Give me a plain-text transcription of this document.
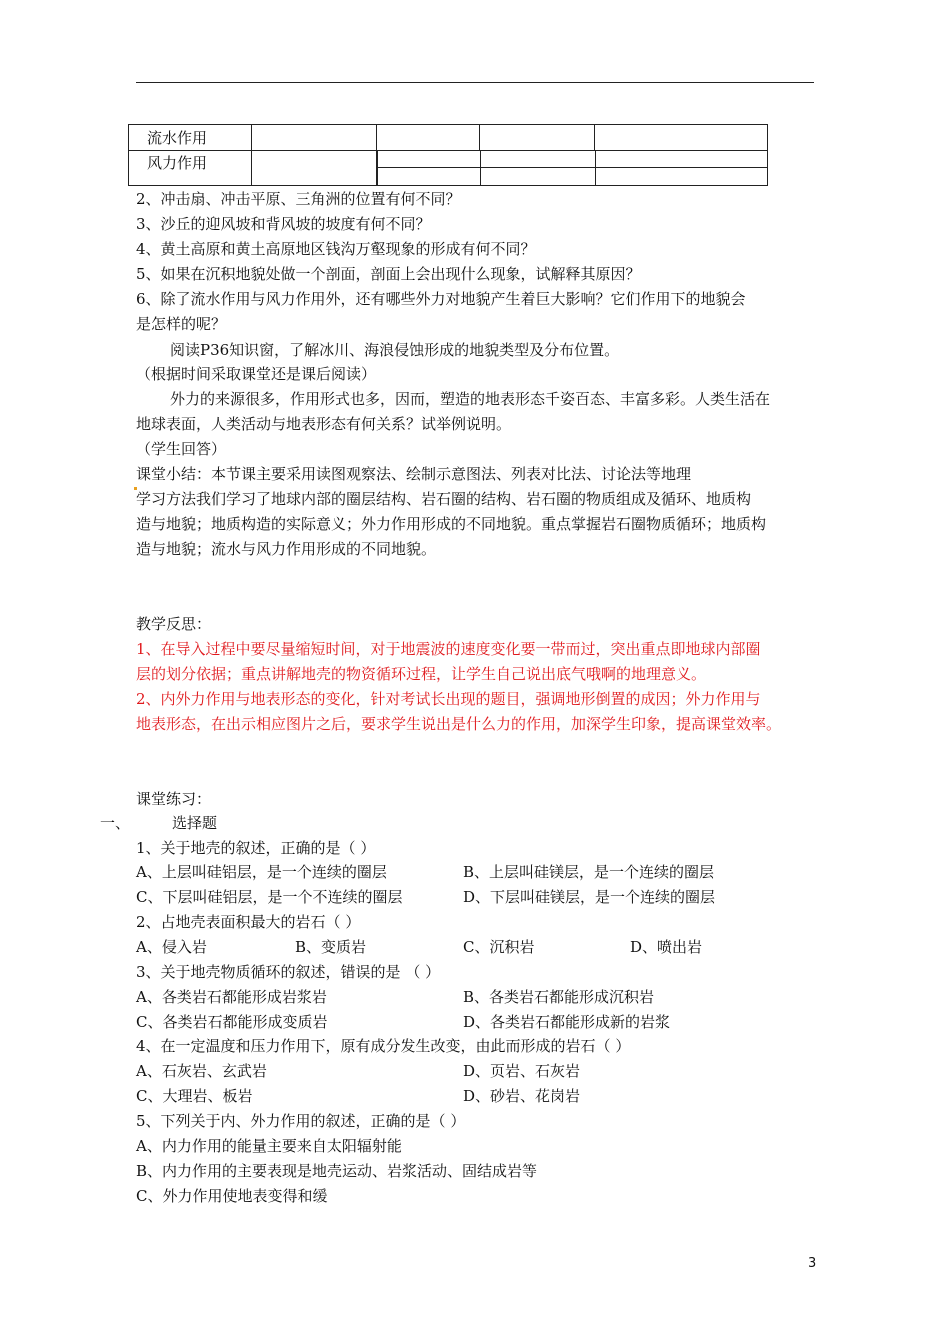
流水作用				
风力作用		

2、冲击扇、冲击平原、三角洲的位置有何不同？
3、沙丘的迎风坡和背风坡的坡度有何不同？
4、黄土高原和黄土高原地区钱沟万壑现象的形成有何不同？
5、如果在沉积地貌处做一个剖面，剖面上会出现什么现象，试解释其原因？
6、除了流水作用与风力作用外，还有哪些外力对地貌产生着巨大影响？它们作用下的地貌会
是怎样的呢？
阅读P36知识窗，了解冰川、海浪侵蚀形成的地貌类型及分布位置。
（根据时间采取课堂还是课后阅读）
外力的来源很多，作用形式也多，因而，塑造的地表形态千姿百态、丰富多彩。人类生活在
地球表面，人类活动与地表形态有何关系？试举例说明。
（学生回答）
课堂小结：本节课主要采用读图观察法、绘制示意图法、列表对比法、讨论法等地理
学习方法我们学习了地球内部的圈层结构、岩石圈的结构、岩石圈的物质组成及循环、地质构
造与地貌；地质构造的实际意义；外力作用形成的不同地貌。重点掌握岩石圈物质循环；地质构
造与地貌；流水与风力作用形成的不同地貌。
教学反思：
1、在导入过程中要尽量缩短时间，对于地震波的速度变化要一带而过，突出重点即地球内部圈
层的划分依据；重点讲解地壳的物资循环过程，让学生自己说出底气哦啊的地理意义。
2、内外力作用与地表形态的变化，针对考试长出现的题目，强调地形倒置的成因；外力作用与
地表形态，在出示相应图片之后，要求学生说出是什么力的作用，加深学生印象，提高课堂效率。
课堂练习：
一、	选择题
1、关于地壳的叙述，正确的是（ ）
A、上层叫硅铝层，是一个连续的圈层	B、上层叫硅镁层，是一个连续的圈层
C、下层叫硅铝层，是一个不连续的圈层	D、下层叫硅镁层，是一个连续的圈层
2、占地壳表面积最大的岩石（ ）
A、侵入岩	B、变质岩	C、沉积岩	D、喷出岩
3、关于地壳物质循环的叙述，错误的是 （ ）
A、各类岩石都能形成岩浆岩	B、各类岩石都能形成沉积岩
C、各类岩石都能形成变质岩	D、各类岩石都能形成新的岩浆
4、在一定温度和压力作用下，原有成分发生改变，由此而形成的岩石（ ）
A、石灰岩、玄武岩	D、页岩、石灰岩
C、大理岩、板岩	D、砂岩、花岗岩
5、下列关于内、外力作用的叙述，正确的是（ ）
A、内力作用的能量主要来自太阳辐射能
B、内力作用的主要表现是地壳运动、岩浆活动、固结成岩等
C、外力作用使地表变得和缓
3
